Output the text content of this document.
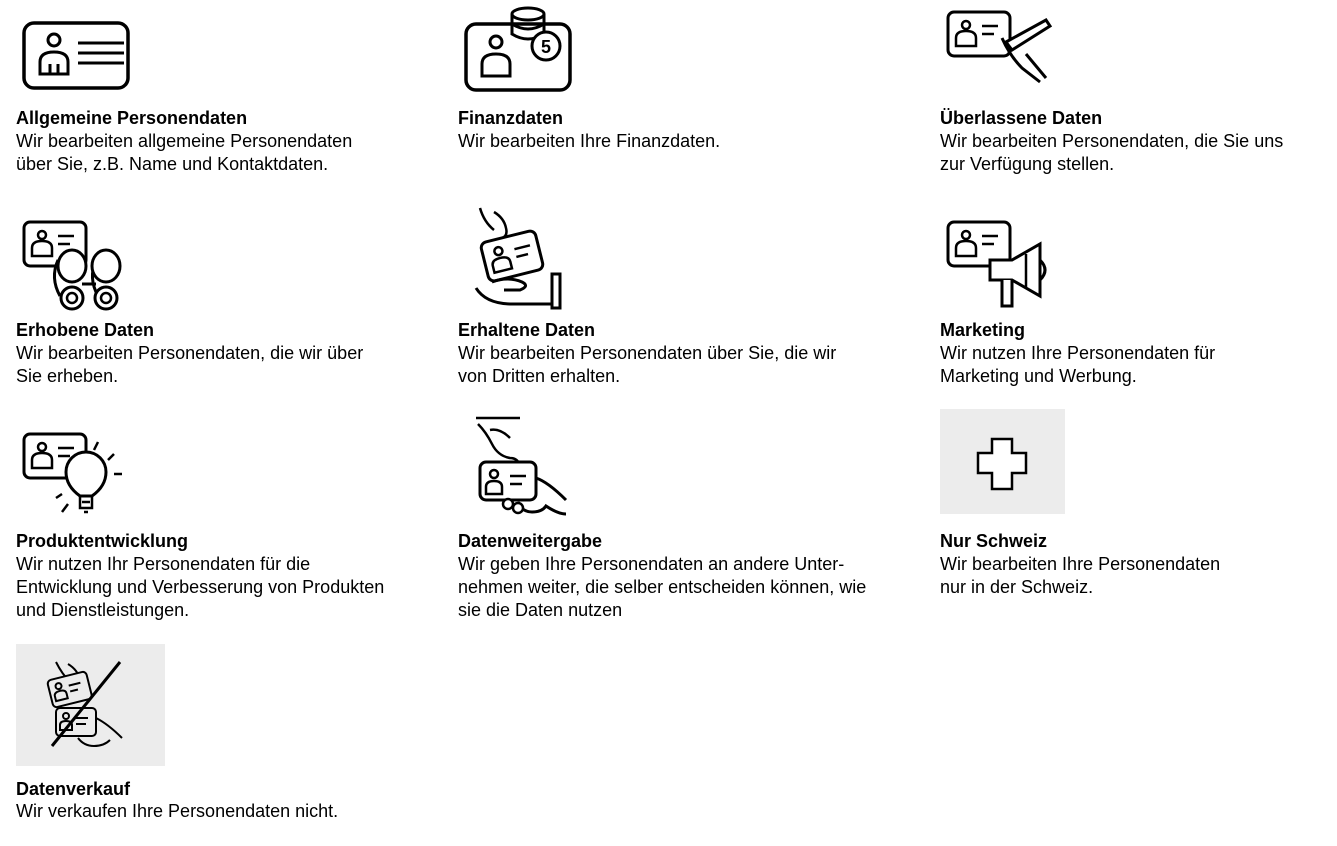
Allgemeine Personendaten
Wir bearbeiten allgemeine Personendaten
über Sie, z.B. Name und Kontaktdaten.
5
Finanzdaten
Wir bearbeiten Ihre Finanzdaten.
Überlassene Daten
Wir bearbeiten Personendaten, die Sie uns
zur Verfügung stellen.
Erhobene Daten
Wir bearbeiten Personendaten, die wir über
Sie erheben.
Erhaltene Daten
Wir bearbeiten Personendaten über Sie, die wir
von Dritten erhalten.
Marketing
Wir nutzen Ihre Personendaten für
Marketing und Werbung.
Produktentwicklung
Wir nutzen Ihr Personendaten für die
Entwicklung und Verbesserung von Produkten
und Dienstleistungen.
Datenweitergabe
Wir geben Ihre Personendaten an andere Unter-
nehmen weiter, die selber entscheiden können, wie
sie die Daten nutzen
Nur Schweiz
Wir bearbeiten Ihre Personendaten
nur in der Schweiz.
Datenverkauf
Wir verkaufen Ihre Personendaten nicht.
